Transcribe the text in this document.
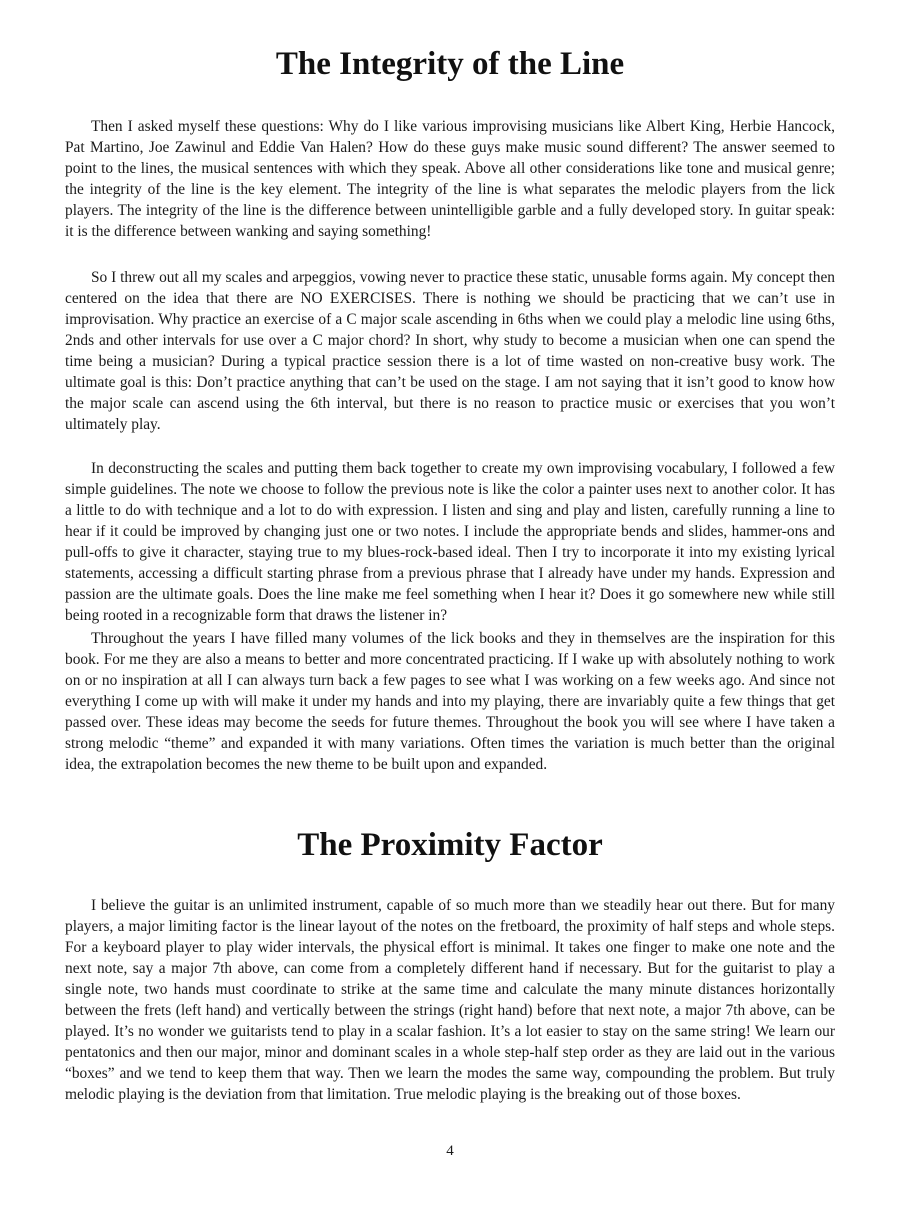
The Integrity of the Line

Then I asked myself these questions: Why do I like various improvising musicians like Albert King, Herbie Hancock, Pat Martino, Joe Zawinul and Eddie Van Halen? How do these guys make music sound different? The answer seemed to point to the lines, the musical sentences with which they speak. Above all other considerations like tone and musical genre; the integrity of the line is the key element. The integrity of the line is what separates the melodic players from the lick players. The integrity of the line is the difference between unintelligible garble and a fully developed story. In guitar speak: it is the difference between wanking and saying something!

So I threw out all my scales and arpeggios, vowing never to practice these static, unusable forms again. My concept then centered on the idea that there are NO EXERCISES. There is nothing we should be practicing that we can’t use in improvisation. Why practice an exercise of a C major scale ascending in 6ths when we could play a melodic line using 6ths, 2nds and other intervals for use over a C major chord? In short, why study to become a musician when one can spend the time being a musician? During a typical practice session there is a lot of time wasted on non-creative busy work. The ultimate goal is this: Don’t practice anything that can’t be used on the stage. I am not saying that it isn’t good to know how the major scale can ascend using the 6th interval, but there is no reason to practice music or exercises that you won’t ultimately play.

In deconstructing the scales and putting them back together to create my own improvising vocabulary, I followed a few simple guidelines. The note we choose to follow the previous note is like the color a painter uses next to another color. It has a little to do with technique and a lot to do with expression. I listen and sing and play and listen, carefully running a line to hear if it could be improved by changing just one or two notes. I include the appropriate bends and slides, hammer-ons and pull-offs to give it character, staying true to my blues-rock-based ideal. Then I try to incorporate it into my existing lyrical statements, accessing a difficult starting phrase from a previous phrase that I already have under my hands. Expression and passion are the ultimate goals. Does the line make me feel something when I hear it? Does it go somewhere new while still being rooted in a recognizable form that draws the listener in?

Throughout the years I have filled many volumes of the lick books and they in themselves are the inspiration for this book. For me they are also a means to better and more concentrated practicing. If I wake up with absolutely nothing to work on or no inspiration at all I can always turn back a few pages to see what I was working on a few weeks ago. And since not everything I come up with will make it under my hands and into my playing, there are invariably quite a few things that get passed over. These ideas may become the seeds for future themes. Throughout the book you will see where I have taken a strong melodic “theme” and expanded it with many variations. Often times the variation is much better than the original idea, the extrapolation becomes the new theme to be built upon and expanded.

The Proximity Factor

I believe the guitar is an unlimited instrument, capable of so much more than we steadily hear out there. But for many players, a major limiting factor is the linear layout of the notes on the fretboard, the proximity of half steps and whole steps. For a keyboard player to play wider intervals, the physical effort is minimal. It takes one finger to make one note and the next note, say a major 7th above, can come from a completely different hand if necessary. But for the guitarist to play a single note, two hands must coordinate to strike at the same time and calculate the many minute distances horizontally between the frets (left hand) and vertically between the strings (right hand) before that next note, a major 7th above, can be played. It’s no wonder we guitarists tend to play in a scalar fashion. It’s a lot easier to stay on the same string! We learn our pentatonics and then our major, minor and dominant scales in a whole step-half step order as they are laid out in the various “boxes” and we tend to keep them that way. Then we learn the modes the same way, compounding the problem. But truly melodic playing is the deviation from that limitation. True melodic playing is the breaking out of those boxes.

4
